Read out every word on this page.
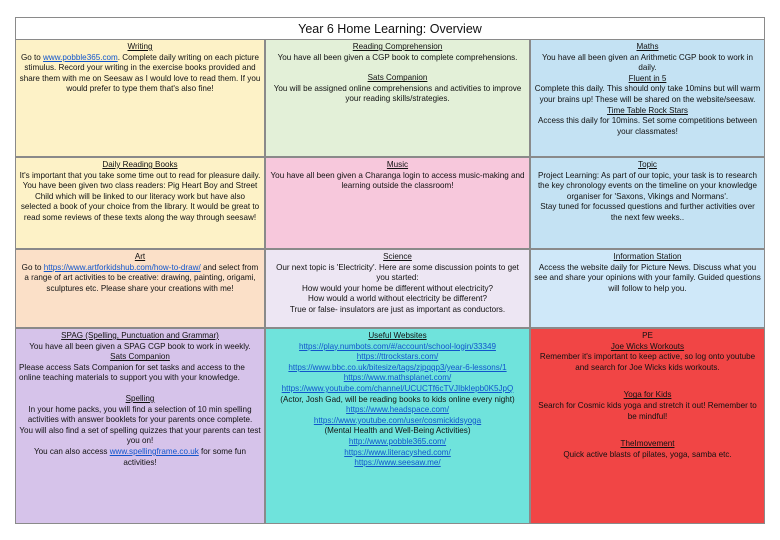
Year 6 Home Learning: Overview

Writing

Go to www.pobble365.com. Complete daily writing on each picture stimulus. Record your writing in the exercise books provided and share them with me on Seesaw as I would love to read them. If you would prefer to type them that's also fine!

Reading Comprehension

You have all been given a CGP book to complete comprehensions.

Sats Companion

You will be assigned online comprehensions and activities to improve your reading skills/strategies.

Maths

You have all been given an Arithmetic CGP book to work in daily.

Fluent in 5

Complete this daily. This should only take 10mins but will warm your brains up! These will be shared on the website/seesaw.

Time Table Rock Stars

Access this daily for 10mins. Set some competitions between your classmates!

Daily Reading Books

It's important that you take some time out to read for pleasure daily. You have been given two class readers: Pig Heart Boy and Street Child which will be linked to our literacy work but have also selected a book of your choice from the library. It would be great to read some reviews of these texts along the way through seesaw!

Music

You have all been given a Charanga login to access music-making and learning outside the classroom!

Topic

Project Learning: As part of our topic, your task is to research the key chronology events on the timeline on your knowledge organiser for 'Saxons, Vikings and Normans'.

Stay tuned for focussed questions and further activities over the next few weeks..

Art

Go to https://www.artforkidshub.com/how-to-draw/ and select from a range of art activities to be creative: drawing, painting, origami, sculptures etc. Please share your creations with me!

Science

Our next topic is 'Electricity'. Here are some discussion points to get you started:

How would your home be different without electricity?

How would a world without electricity be different?

True or false- insulators are just as important as conductors.

Information Station

Access the website daily for Picture News. Discuss what you see and share your opinions with your family. Guided questions will follow to help you.

SPAG (Spelling, Punctuation and Grammar)

You have all been given a SPAG CGP book to work in weekly.

Sats Companion

Please access Sats Companion for set tasks and access to the online teaching materials to support you with your knowledge.

Spelling

In your home packs, you will find a selection of 10 min spelling activities with answer booklets for your parents once complete.

You will also find a set of spelling quizzes that your parents can test you on!

You can also access www.spellingframe.co.uk for some fun activities!

Useful Websites

https://play.numbots.com/#/account/school-login/33349

https://ttrockstars.com/

https://www.bbc.co.uk/bitesize/tags/zjpqqp3/year-6-lessons/1

https://www.mathsplanet.com/

https://www.youtube.com/channel/UCUCTf6cTVJIbklepb0K5JpQ (Actor, Josh Gad, will be reading books to kids online every night)

https://www.headspace.com/

https://www.youtube.com/user/cosmickidsyoga

(Mental Health and Well-Being Activities)

http://www.pobble365.com/

https://www.literacyshed.com/

https://www.seesaw.me/

PE

Joe Wicks Workouts

Remember it's important to keep active, so log onto youtube and search for Joe Wicks kids workouts.

Yoga for Kids

Search for Cosmic kids yoga and stretch it out! Remember to be mindful!

TheImovement

Quick active blasts of pilates, yoga, samba etc.
